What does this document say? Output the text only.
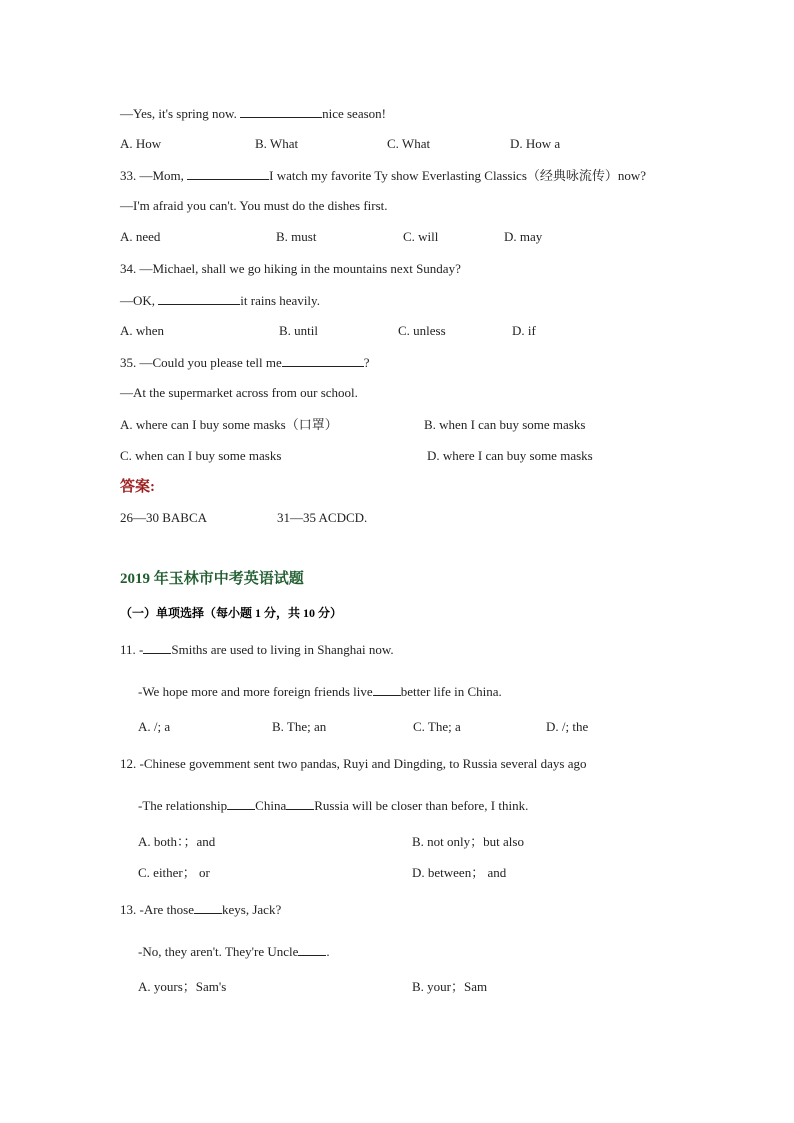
—Yes, it's spring now.	nice season!
A. How	B. What	C. What	D. How a
33. —Mom,	I watch my favorite Ty show Everlasting Classics（经典咏流传）now?
—I'm afraid you can't. You must do the dishes first.
A. need	B. must	C. will	D. may
34. —Michael, shall we go hiking in the mountains next Sunday?
—OK,	it rains heavily.
A. when	B. until	C. unless	D. if
35. —Could you please tell me	?
—At the supermarket across from our school.
A. where can I buy some masks（口罩）	B. when I can buy some masks
C. when can I buy some masks	D. where I can buy some masks
答案:
26—30 BABCA	31—35 ACDCD.
2019 年玉林市中考英语试题
（一）单项选择（每小题 1 分，共 10 分）
11. - Smiths are used to living in Shanghai now.
-We hope more and more foreign friends live better life in China.
A. /; a	B. The; an	C. The; a	D. /; the
12. -Chinese govemment sent two pandas, Ruyi and Dingding, to Russia several days ago
-The relationship China Russia will be closer than before, I think.
A. both：；and	B. not only；but also
C. either； or	D. between； and
13. -Are those keys, Jack?
-No, they aren't. They're Uncle .
A. yours；Sam's	B. your；Sam
